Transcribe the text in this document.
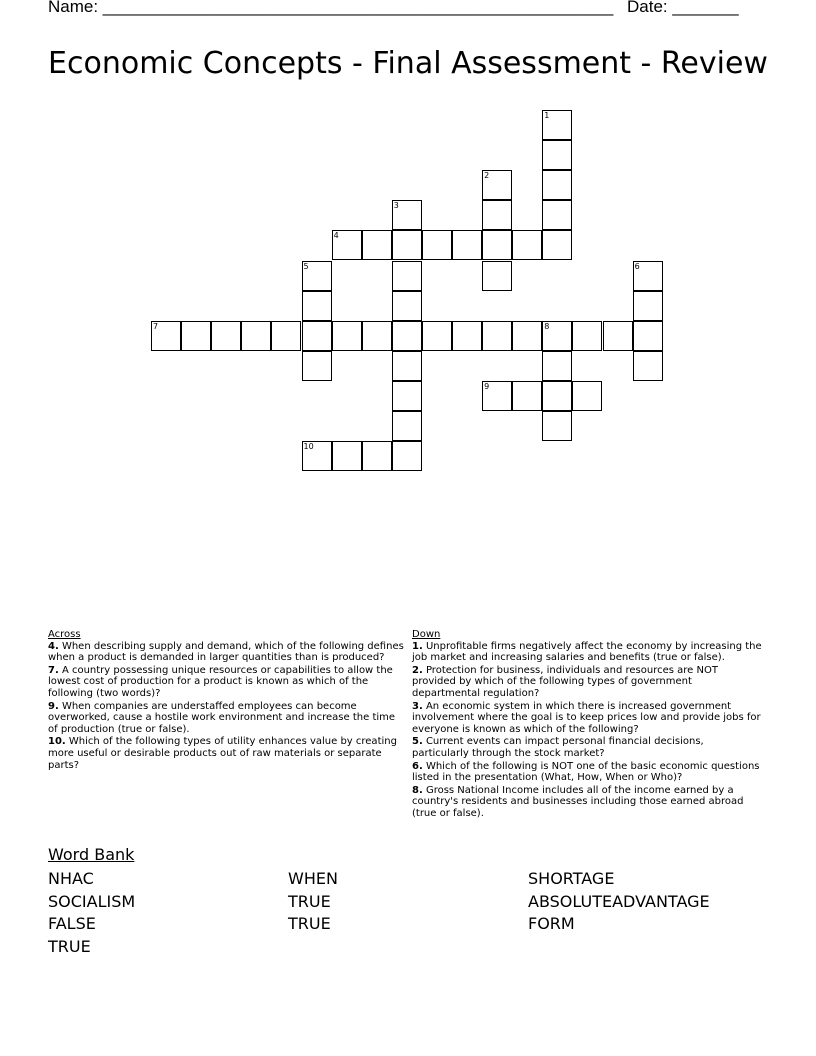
Name: ______________________________________________________ Date: _______
Economic Concepts - Final Assessment - Review
1
2
3
4
5	6
7	8
9
10
Across
4. When describing supply and demand, which of the following defines when a product is demanded in larger quantities than is produced?
7. A country possessing unique resources or capabilities to allow the lowest cost of production for a product is known as which of the following (two words)?
9. When companies are understaffed employees can become overworked, cause a hostile work environment and increase the time of production (true or false).
10. Which of the following types of utility enhances value by creating more useful or desirable products out of raw materials or separate parts?
Down
1. Unprofitable firms negatively affect the economy by increasing the job market and increasing salaries and benefits (true or false).
2. Protection for business, individuals and resources are NOT provided by which of the following types of government departmental regulation?
3. An economic system in which there is increased government involvement where the goal is to keep prices low and provide jobs for everyone is known as which of the following?
5. Current events can impact personal financial decisions, particularly through the stock market?
6. Which of the following is NOT one of the basic economic questions listed in the presentation (What, How, When or Who)?
8. Gross National Income includes all of the income earned by a country's residents and businesses including those earned abroad (true or false).
Word Bank
NHAC	WHEN	SHORTAGE
SOCIALISM	TRUE	ABSOLUTEADVANTAGE
FALSE	TRUE	FORM
TRUE
